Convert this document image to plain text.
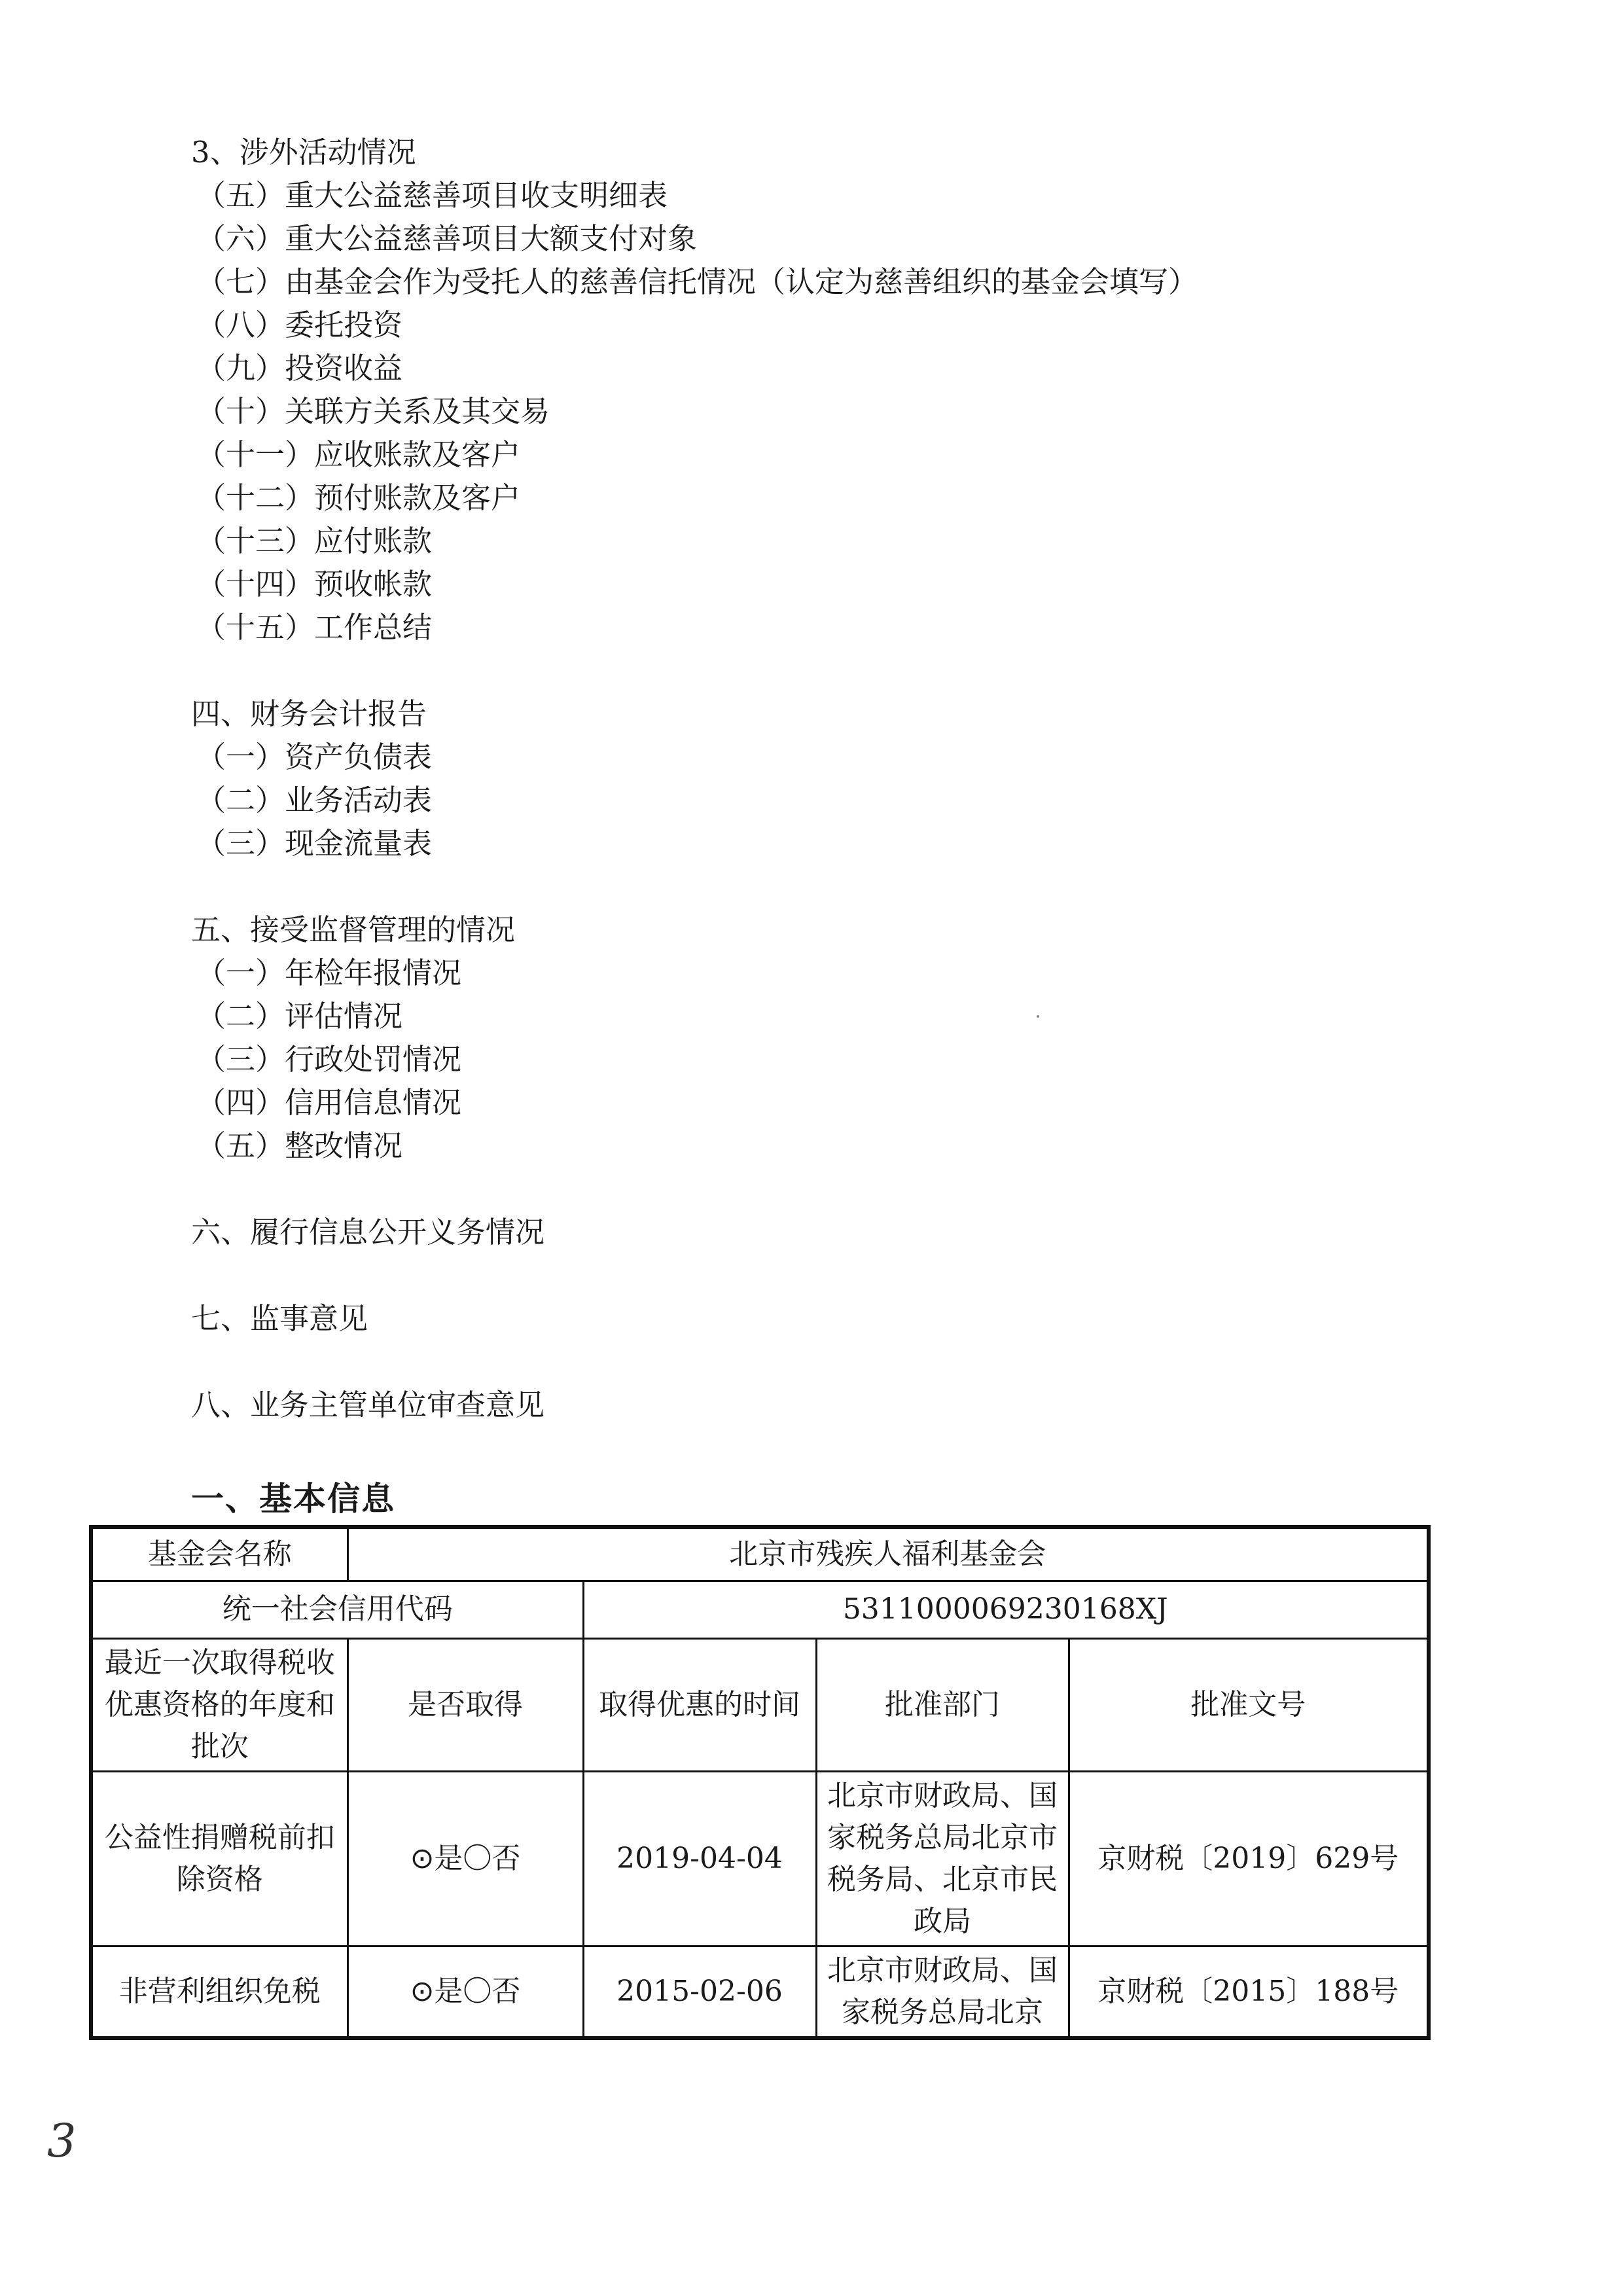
3、涉外活动情况
（五）重大公益慈善项目收支明细表
（六）重大公益慈善项目大额支付对象
（七）由基金会作为受托人的慈善信托情况（认定为慈善组织的基金会填写）
（八）委托投资
（九）投资收益
（十）关联方关系及其交易
（十一）应收账款及客户
（十二）预付账款及客户
（十三）应付账款
（十四）预收帐款
（十五）工作总结
四、财务会计报告
（一）资产负债表
（二）业务活动表
（三）现金流量表
五、接受监督管理的情况
（一）年检年报情况
（二）评估情况
（三）行政处罚情况
（四）信用信息情况
（五）整改情况
六、履行信息公开义务情况
七、监事意见
八、业务主管单位审查意见
一、基本信息
基金会名称	北京市残疾人福利基金会			
统一社会信用代码		5311000069230168XJ		
最近一次取得税收优惠资格的年度和批次	是否取得	取得优惠的时间	批准部门	批准文号
公益性捐赠税前扣除资格	⊙是〇否	2019-04-04	北京市财政局、国家税务总局北京市税务局、北京市民政局	京财税〔2019〕629号
非营利组织免税	⊙是〇否	2015-02-06	北京市财政局、国家税务总局北京	京财税〔2015〕188号
3
